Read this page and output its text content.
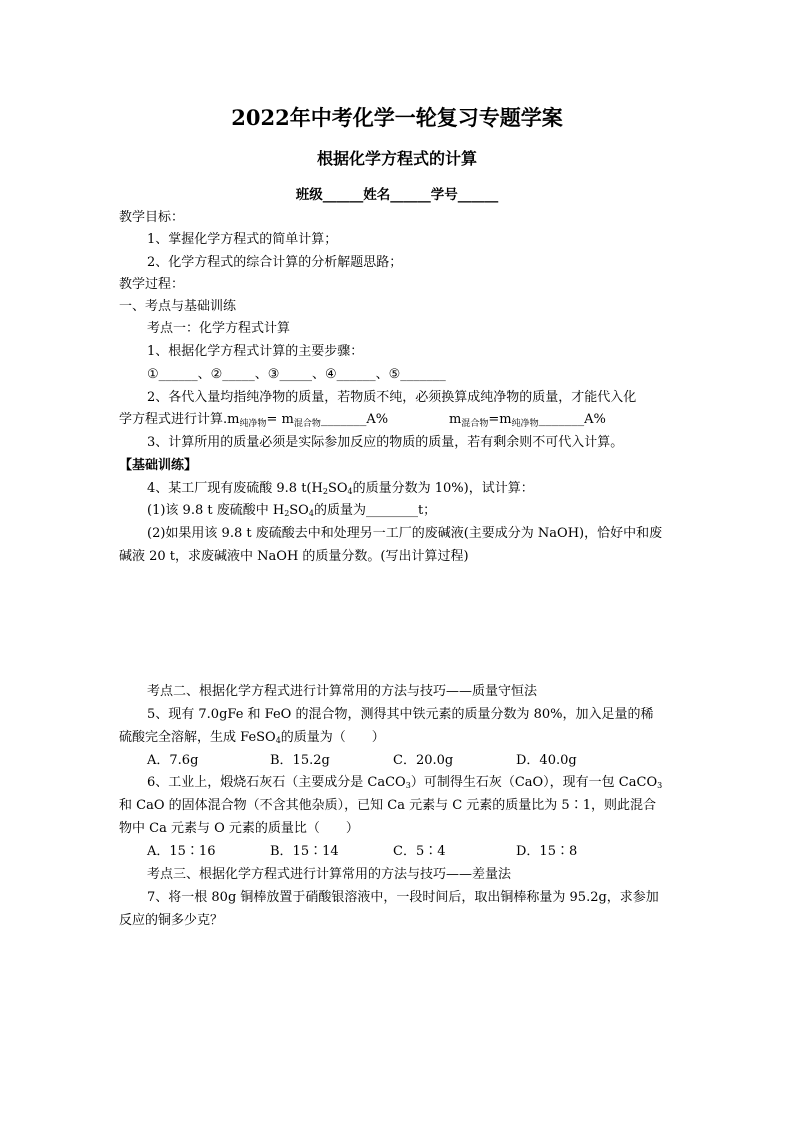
2022年中考化学一轮复习专题学案
根据化学方程式的计算
班级______姓名______学号______
教学目标：
1、掌握化学方程式的简单计算；
2、化学方程式的综合计算的分析解题思路；
教学过程：
一、考点与基础训练
考点一：化学方程式计算
1、根据化学方程式计算的主要步骤：
①______、②_____、③_____、④______、⑤_______
2、各代入量均指纯净物的质量，若物质不纯，必须换算成纯净物的质量，才能代入化
学方程式进行计算$.m_{纯净物}=$ $m_{混合物}\_\_\_\_\_\_\_A\%$	$m_{混合物}=m_{纯净物}\_\_\_\_\_\_\_A\%$
3、计算所用的质量必须是实际参加反应的物质的质量，若有剩余则不可代入计算。
【基础训练】
4、某工厂现有废硫酸 9.8 $t(H_2SO_4$的质量分数为 10%)，试计算：
(1)该 9.8 t 废硫酸中 $H_2SO_4$的质量为________t；
(2)如果用该 9.8 t 废硫酸去中和处理另一工厂的废碱液(主要成分为 NaOH)，恰好中和废
碱液 20 t，求废碱液中 NaOH 的质量分数。(写出计算过程)
考点二、根据化学方程式进行计算常用的方法与技巧——质量守恒法
5、现有 7.0gFe 和 FeO 的混合物，测得其中铁元素的质量分数为 80%，加入足量的稀
硫酸完全溶解，生成 FeSO$_4$的质量为（　　）
A．7.6g	B．15.2g	C．20.0g	D．40.0g
6、工业上，煅烧石灰石（主要成分是 CaCO$_3$）可制得生石灰（CaO），现有一包 CaCO$_3$
和 CaO 的固体混合物（不含其他杂质），已知 Ca 元素与 C 元素的质量比为 5∶1，则此混合
物中 Ca 元素与 O 元素的质量比（　　）
A．15∶16	B．15∶14	C．5∶4	D．15∶8
考点三、根据化学方程式进行计算常用的方法与技巧——差量法
7、将一根 80g 铜棒放置于硝酸银溶液中，一段时间后，取出铜棒称量为 95.2g，求参加
反应的铜多少克？
